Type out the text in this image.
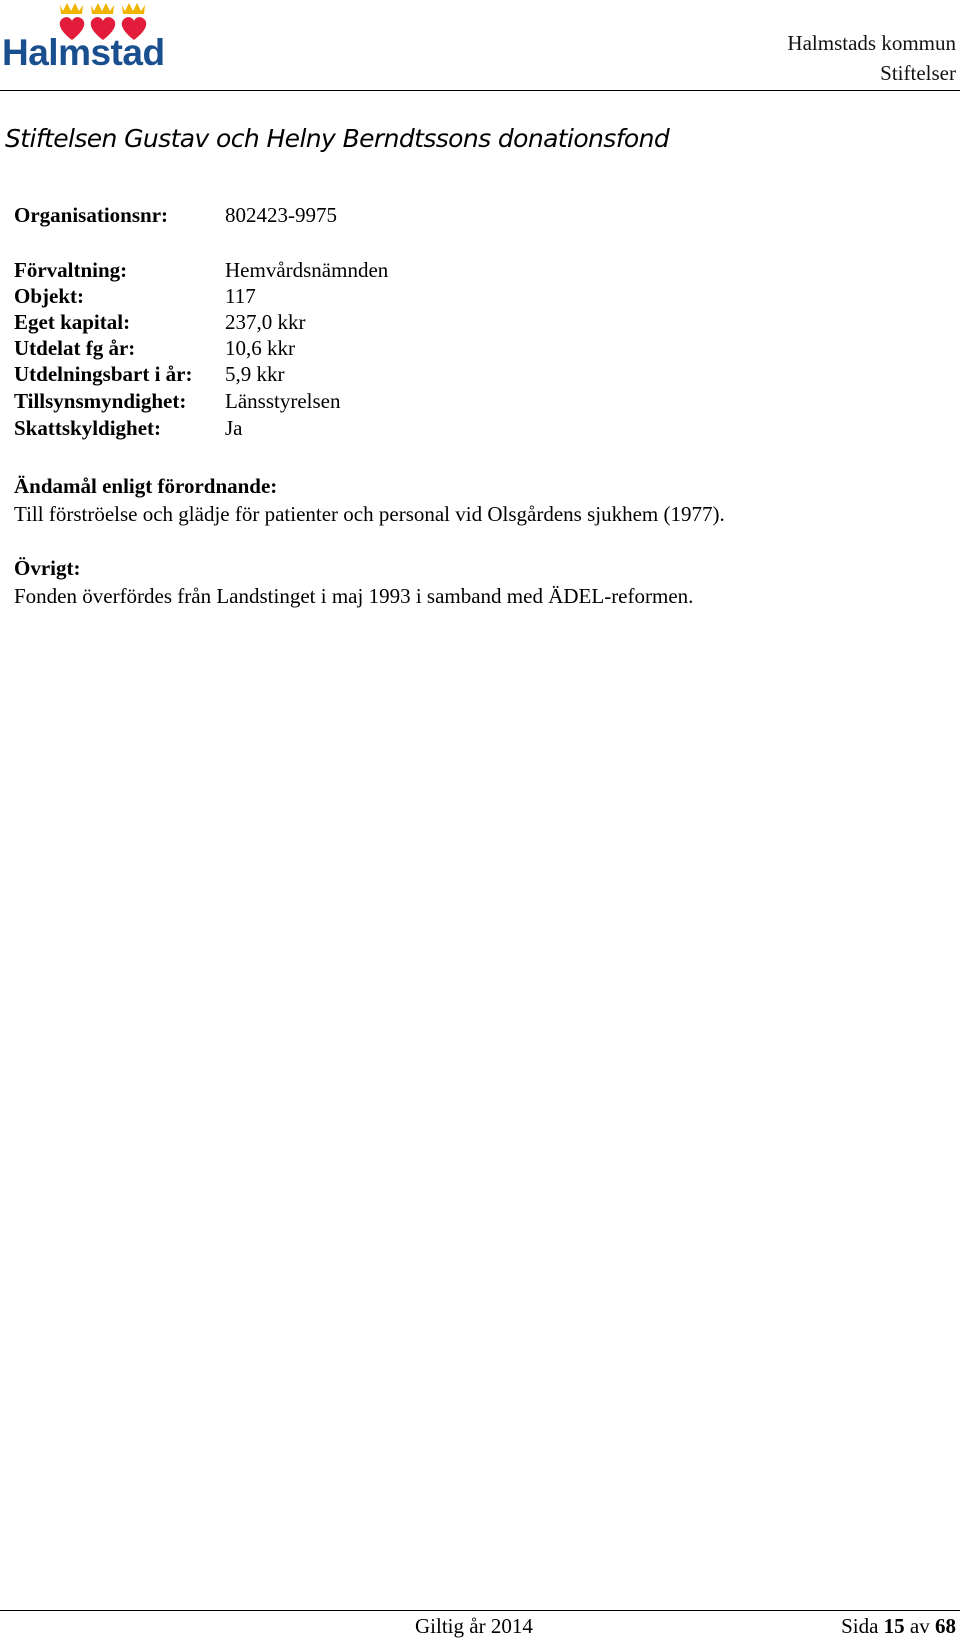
Halmstad	Halmstads kommun
Stiftelser
Stiftelsen Gustav och Helny Berndtssons donationsfond
Organisationsnr:	802423-9975
Förvaltning:	Hemvårdsnämnden
Objekt:	117
Eget kapital:	237,0 kkr
Utdelat fg år:	10,6 kkr
Utdelningsbart i år: 5,9 kkr
Tillsynsmyndighet: Länsstyrelsen
Skattskyldighet:	Ja
Ändamål enligt förordnande:
Till förströelse och glädje för patienter och personal vid Olsgårdens sjukhem (1977).
Övrigt:
Fonden överfördes från Landstinget i maj 1993 i samband med ÄDEL-reformen.
Giltig år 2014	Sida 15 av 68
